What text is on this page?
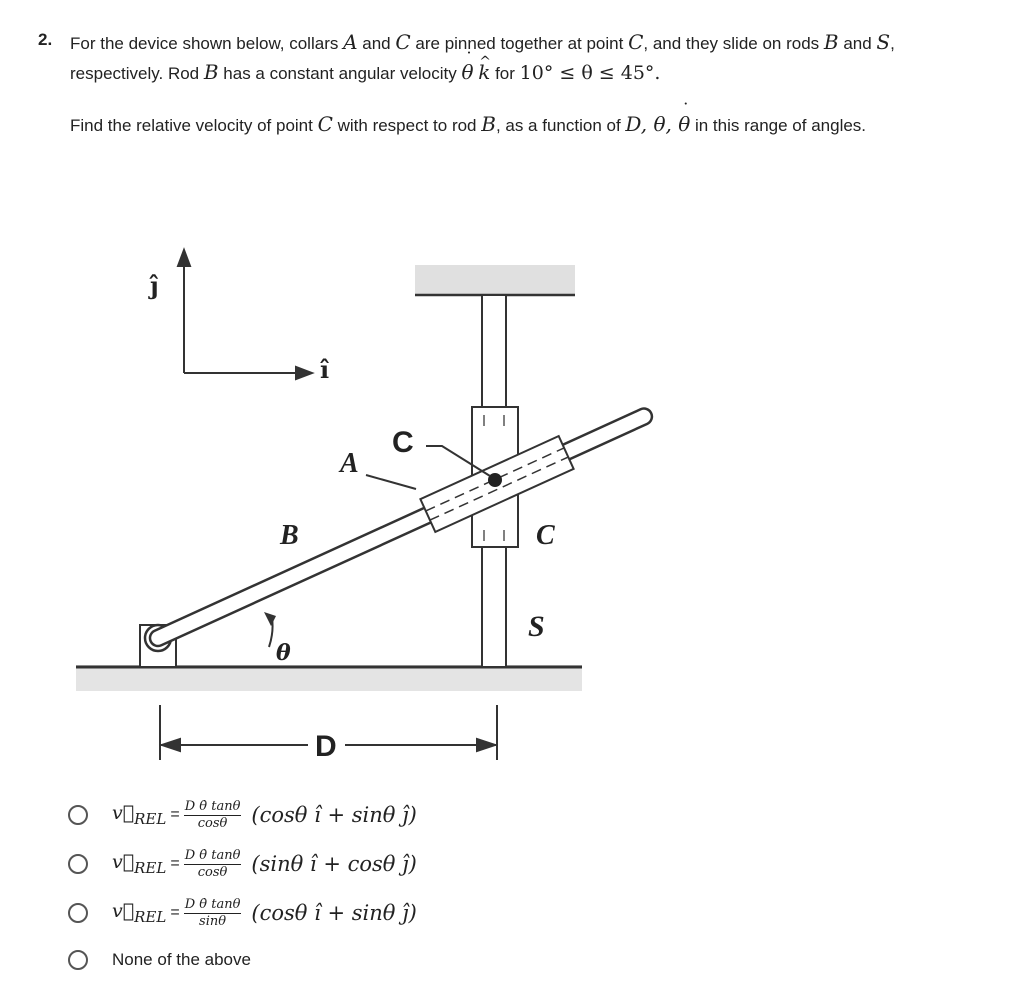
2. For the device shown below, collars A and C are pinned together at point C, and they slide on rods B and S,
respectively. Rod B has a constant angular velocity ˙ θ ^ k for 10° ≤ θ ≤ 45°.
Find the relative velocity of point C with respect to rod B, as a function of D, θ, ˙ θ in this range of angles.
ĵ
î
C
A
B	C
S
θ
D
$v⃗_{REL} = \frac{\text{D θ̇ tanθ}}{\cos\theta} (\cos\theta$ î + sinθ ĵ)
$v⃗_{REL} = \frac{\text{D θ̇ tanθ}}{\cos\theta} (\sin\theta$ î + cosθ ĵ)
$v⃗_{REL} = \frac{\text{D θ̇ tanθ}}{\sin\theta} (\cos\theta$ î + sinθ ĵ)
None of the above
